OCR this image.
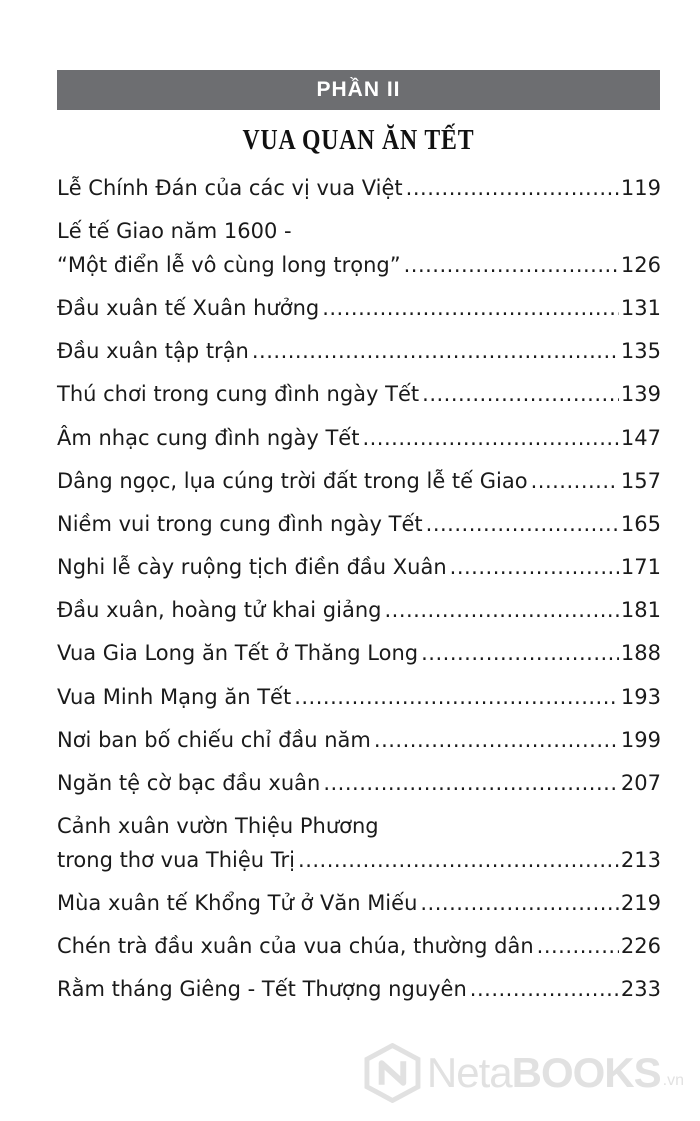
PHẦN II
VUA QUAN ĂN TẾT
Lễ Chính Đán của các vị vua Việt .....	119
Lế tế Giao năm 1600 -
“Một điển lễ vô cùng long trọng” .....	126
Đầu xuân tế Xuân hưởng .....	131
Đầu xuân tập trận .....	135
Thú chơi trong cung đình ngày Tết .....	139
Âm nhạc cung đình ngày Tết .....	147
Dâng ngọc, lụa cúng trời đất trong lễ tế Giao .....	157
Niềm vui trong cung đình ngày Tết .....	165
Nghi lễ cày ruộng tịch điền đầu Xuân .....	171
Đầu xuân, hoàng tử khai giảng .....	181
Vua Gia Long ăn Tết ở Thăng Long .....	188
Vua Minh Mạng ăn Tết .....	193
Nơi ban bố chiếu chỉ đầu năm .....	199
Ngăn tệ cờ bạc đầu xuân .....	207
Cảnh xuân vườn Thiệu Phương
trong thơ vua Thiệu Trị .....	213
Mùa xuân tế Khổng Tử ở Văn Miếu .....	219
Chén trà đầu xuân của vua chúa, thường dân .....	226
Rằm tháng Giêng - Tết Thượng nguyên .....	233
NetaBOOKS .vn
